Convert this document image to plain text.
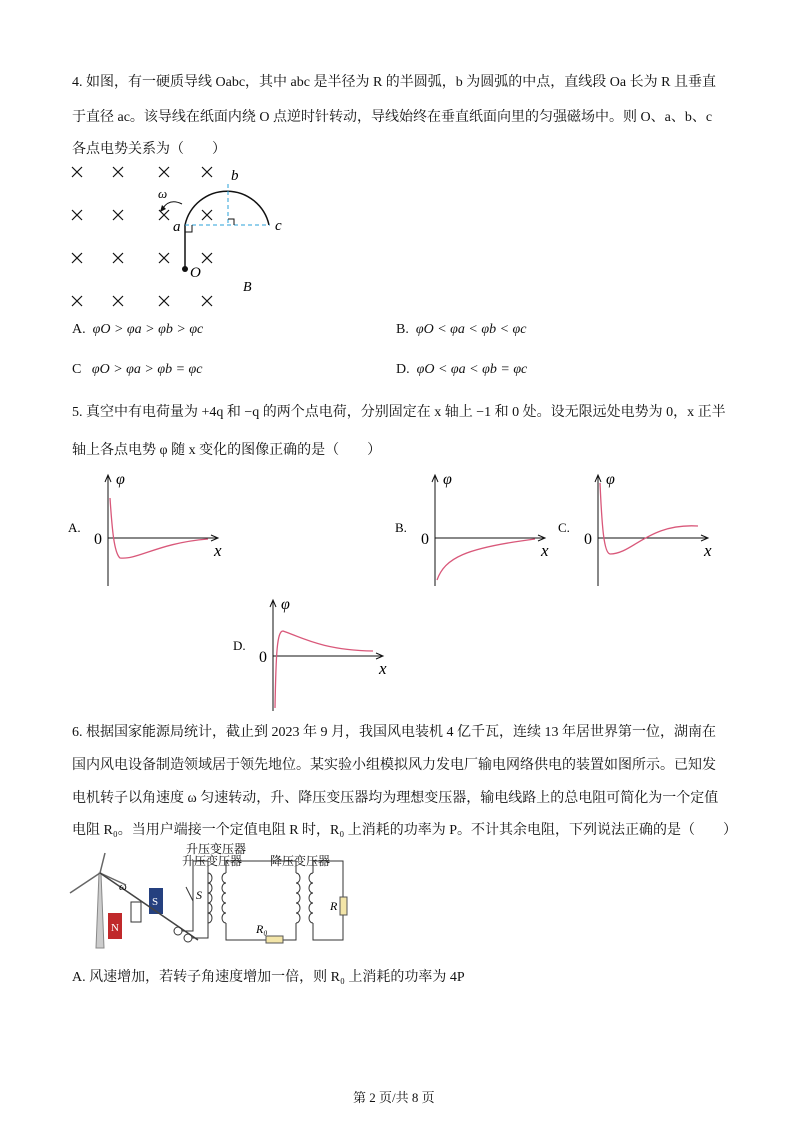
4. 如图，有一硬质导线 Oabc，其中 abc 是半径为 R 的半圆弧，b 为圆弧的中点，直线段 Oa 长为 R 且垂直
于直径 ac。该导线在纸面内绕 O 点逆时针转动，导线始终在垂直纸面向里的匀强磁场中。则 O、a、b、c
各点电势关系为（　　）
ω
a
b
c
O
B
A. φO > φa > φb > φc	B. φO < φa < φb < φc
C φO > φa > φb = φc	D. φO < φa < φb = φc
5. 真空中有电荷量为 +4q 和 −q 的两个点电荷，分别固定在 x 轴上 −1 和 0 处。设无限远处电势为 0，x 正半
轴上各点电势 φ 随 x 变化的图像正确的是（　　）
A.
0
φ
x
B.
0
φ
x
C.
0
φ
x
D.
0
φ
x
6. 根据国家能源局统计，截止到 2023 年 9 月，我国风电装机 4 亿千瓦，连续 13 年居世界第一位，湖南在
国内风电设备制造领域居于领先地位。某实验小组模拟风力发电厂输电网络供电的装置如图所示。已知发
电机转子以角速度 ω 匀速转动，升、降压变压器均为理想变压器，输电线路上的总电阻可简化为一个定值
电阻 R₀。当用户端接一个定值电阻 R 时，R₀ 上消耗的功率为 P。不计其余电阻，下列说法正确的是（　　）
N
S
ω
S
R₀
R
升压变压器
升压变压器 降压变压器
A. 风速增加，若转子角速度增加一倍，则 R₀ 上消耗的功率为 4P
第 2 页/共 8 页
